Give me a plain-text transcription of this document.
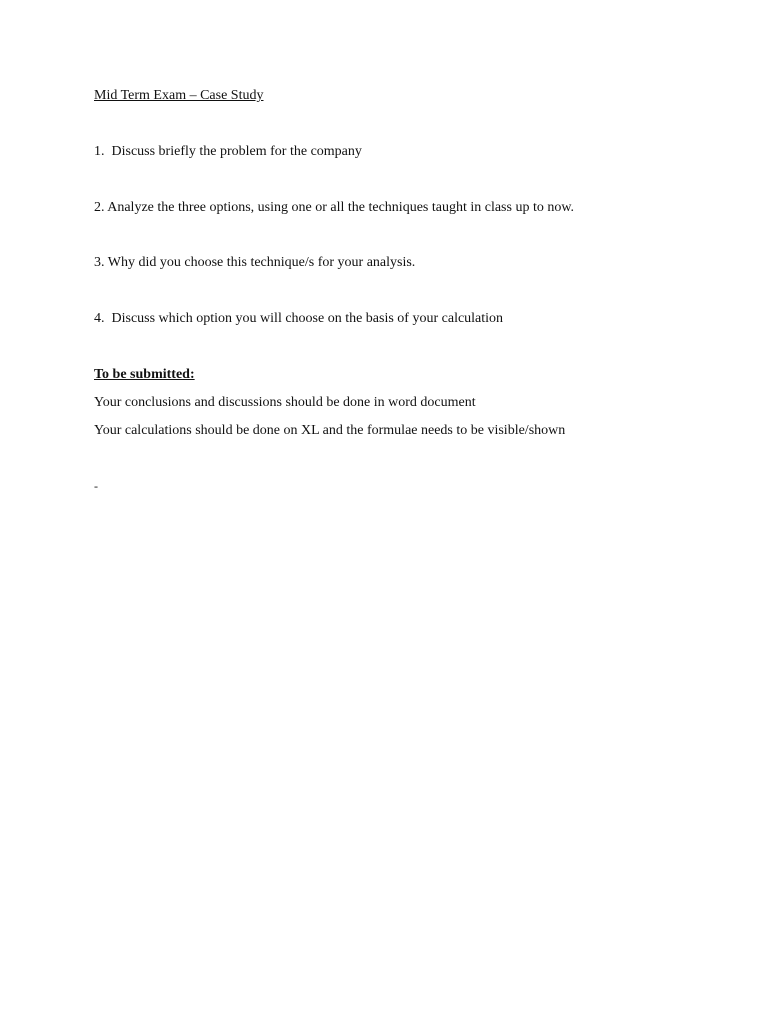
Mid Term Exam – Case Study
1.  Discuss briefly the problem for the company
2. Analyze the three options, using one or all the techniques taught in class up to now.
3. Why did you choose this technique/s for your analysis.
4.  Discuss which option you will choose on the basis of your calculation
To be submitted:
Your conclusions and discussions should be done in word document
Your calculations should be done on XL and the formulae needs to be visible/shown
-
